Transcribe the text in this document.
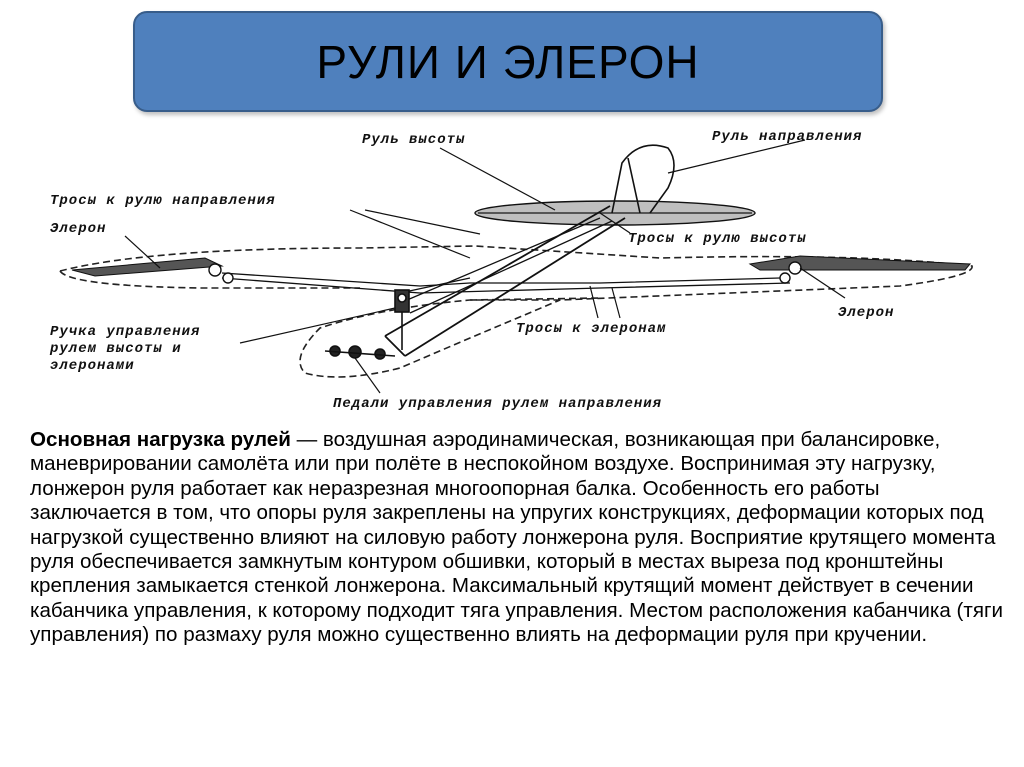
РУЛИ И ЭЛЕРОН
Руль высоты	Руль направления
Тросы к рулю направления
Элерон
Тросы к рулю высоты
Элерон
Ручка управления
рулем высоты и
элеронами
Тросы к элеронам
Педали управления рулем направления

Основная нагрузка рулей — воздушная аэродинамическая, возникающая при балансировке, маневрировании самолёта или при полёте в неспокойном воздухе. Воспринимая эту нагрузку, лонжерон руля работает как неразрезная многоопорная балка. Особенность его работы заключается в том, что опоры руля закреплены на упругих конструкциях, деформации которых под нагрузкой существенно влияют на силовую работу лонжерона руля. Восприятие крутящего момента руля обеспечивается замкнутым контуром обшивки, который в местах выреза под кронштейны крепления замыкается стенкой лонжерона. Максимальный крутящий момент действует в сечении кабанчика управления, к которому подходит тяга управления. Местом расположения кабанчика (тяги управления) по размаху руля можно существенно влиять на деформации руля при кручении.
